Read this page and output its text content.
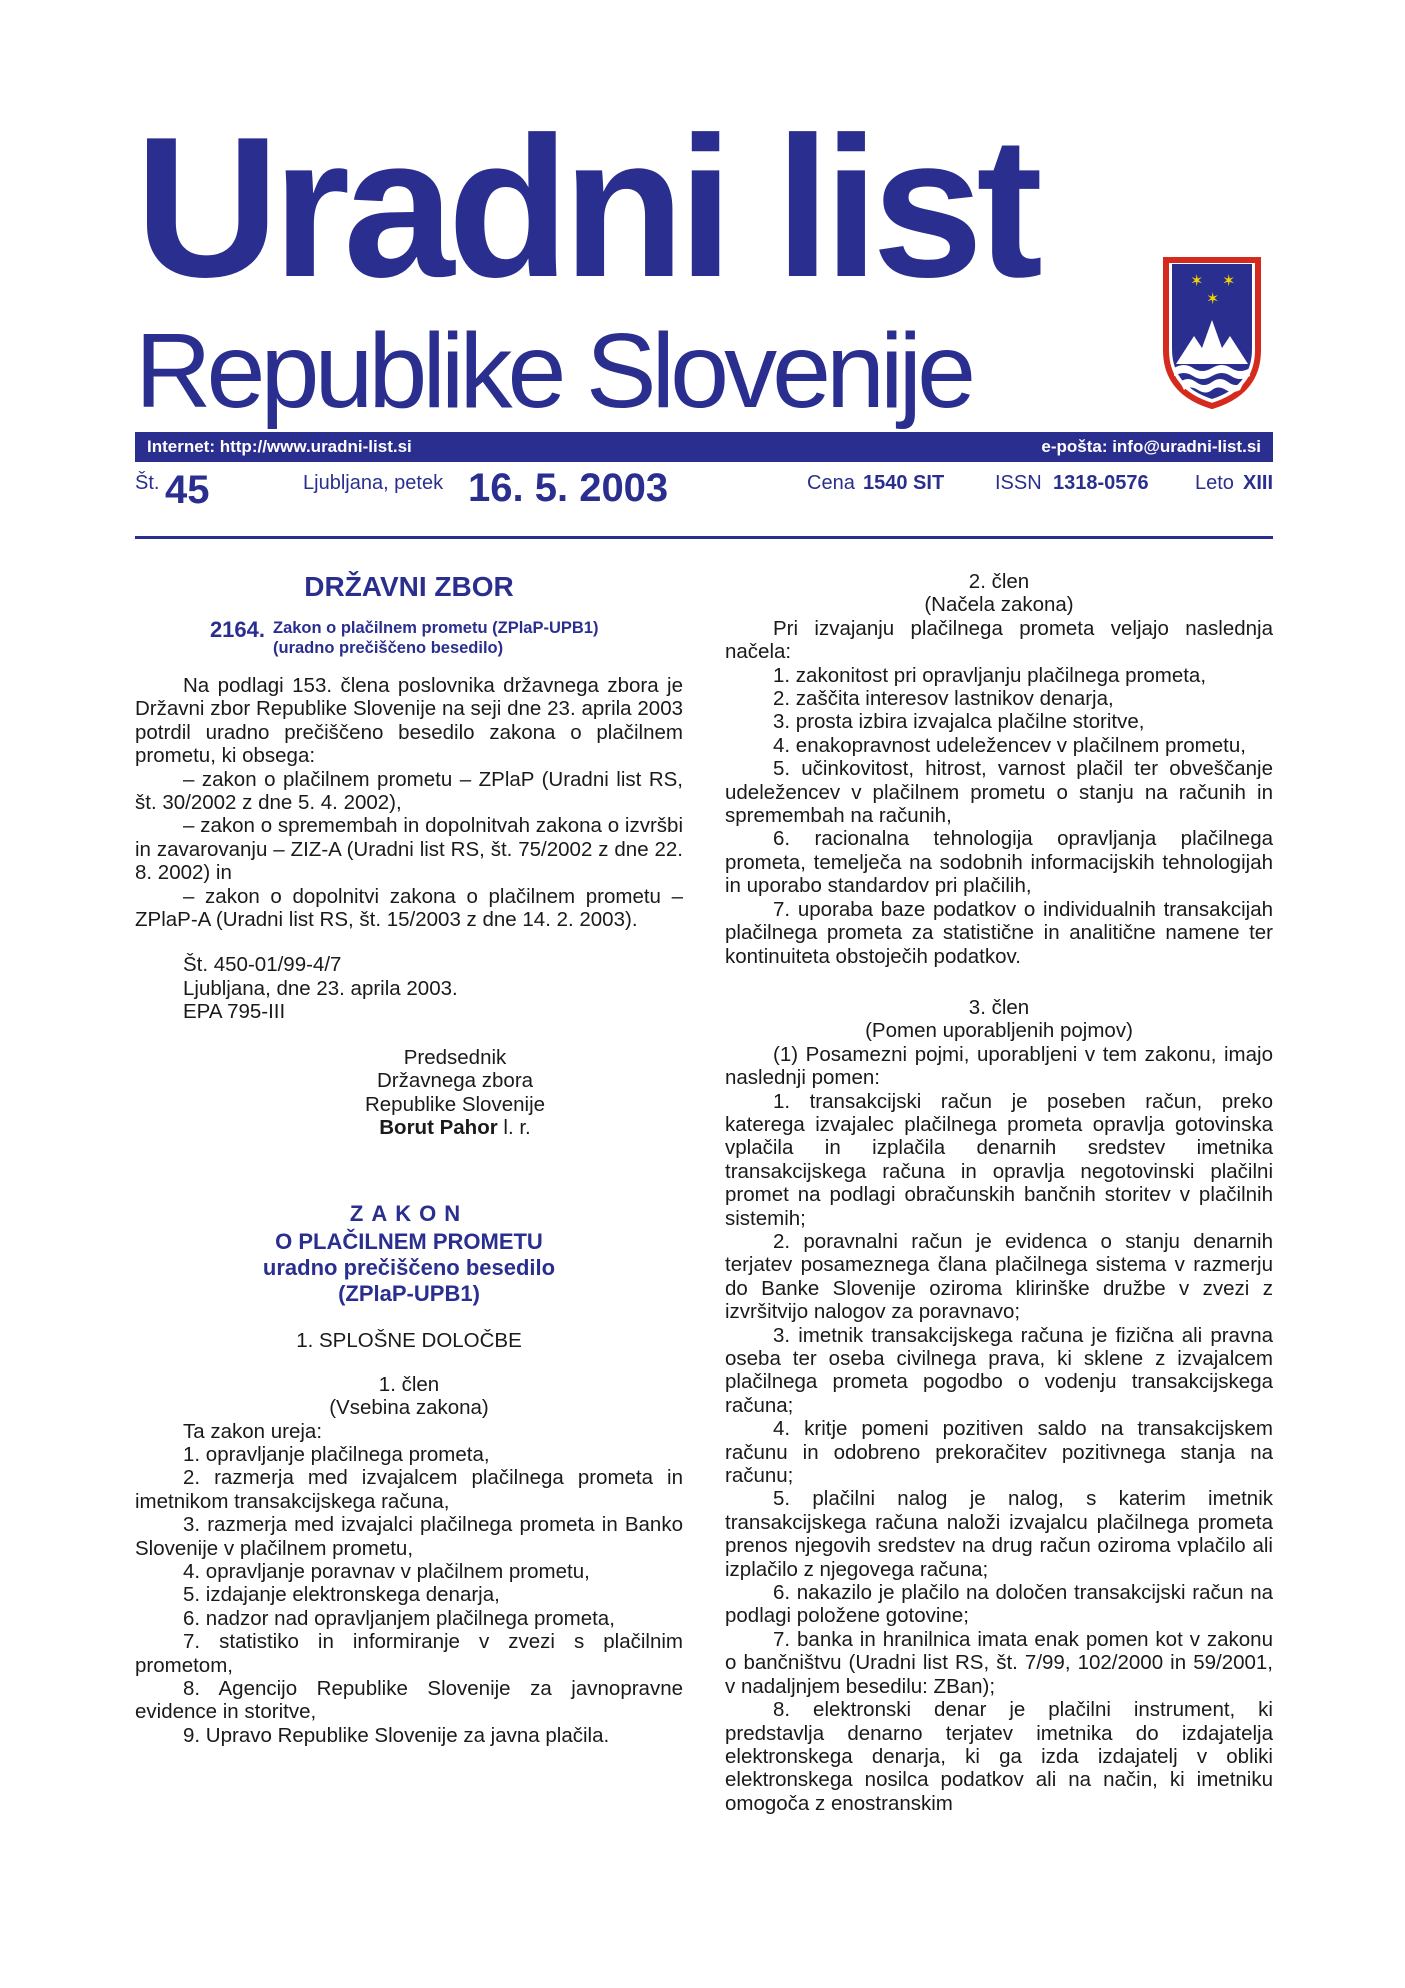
Uradni list
Republike Slovenije
✶ ✶
✶
Internet: http://www.uradni-list.si	e-pošta: info@uradni-list.si
Št. 45	Ljubljana, petek 16. 5. 2003	Cena 1540 SIT	ISSN 1318-0576 Leto XIII
DRŽAVNI ZBOR
2164. Zakon o plačilnem prometu (ZPlaP-UPB1)
(uradno prečiščeno besedilo)

Na podlagi 153. člena poslovnika državnega zbora je Državni zbor Republike Slovenije na seji dne 23. aprila 2003 potrdil uradno prečiščeno besedilo zakona o plačilnem prometu, ki obsega:

– zakon o plačilnem prometu – ZPlaP (Uradni list RS, št. 30/2002 z dne 5. 4. 2002),

– zakon o spremembah in dopolnitvah zakona o izvršbi in zavarovanju – ZIZ-A (Uradni list RS, št. 75/2002 z dne 22. 8. 2002) in

– zakon o dopolnitvi zakona o plačilnem prometu – ZPlaP-A (Uradni list RS, št. 15/2003 z dne 14. 2. 2003).

Št. 450-01/99-4/7

Ljubljana, dne 23. aprila 2003.

EPA 795-III

Predsednik

Državnega zbora

Republike Slovenije

Borut Pahor l. r.

ZAKON
O PLAČILNEM PROMETU
uradno prečiščeno besedilo
(ZPlaP-UPB1)

1. SPLOŠNE DOLOČBE

1. člen

(Vsebina zakona)

Ta zakon ureja:

1. opravljanje plačilnega prometa,

2. razmerja med izvajalcem plačilnega prometa in imetnikom transakcijskega računa,

3. razmerja med izvajalci plačilnega prometa in Banko Slovenije v plačilnem prometu,

4. opravljanje poravnav v plačilnem prometu,

5. izdajanje elektronskega denarja,

6. nadzor nad opravljanjem plačilnega prometa,

7. statistiko in informiranje v zvezi s plačilnim prometom,

8. Agencijo Republike Slovenije za javnopravne evidence in storitve,

9. Upravo Republike Slovenije za javna plačila.

2. člen

(Načela zakona)

Pri izvajanju plačilnega prometa veljajo naslednja načela:

1. zakonitost pri opravljanju plačilnega prometa,

2. zaščita interesov lastnikov denarja,

3. prosta izbira izvajalca plačilne storitve,

4. enakopravnost udeležencev v plačilnem prometu,

5. učinkovitost, hitrost, varnost plačil ter obveščanje udeležencev v plačilnem prometu o stanju na računih in spremembah na računih,

6. racionalna tehnologija opravljanja plačilnega prometa, temelječa na sodobnih informacijskih tehnologijah in uporabo standardov pri plačilih,

7. uporaba baze podatkov o individualnih transakcijah plačilnega prometa za statistične in analitične namene ter kontinuiteta obstoječih podatkov.

3. člen

(Pomen uporabljenih pojmov)

(1) Posamezni pojmi, uporabljeni v tem zakonu, imajo naslednji pomen:

1. transakcijski račun je poseben račun, preko katerega izvajalec plačilnega prometa opravlja gotovinska vplačila in izplačila denarnih sredstev imetnika transakcijskega računa in opravlja negotovinski plačilni promet na podlagi obračunskih bančnih storitev v plačilnih sistemih;

2. poravnalni račun je evidenca o stanju denarnih terjatev posameznega člana plačilnega sistema v razmerju do Banke Slovenije oziroma klirinške družbe v zvezi z izvršitvijo nalogov za poravnavo;

3. imetnik transakcijskega računa je fizična ali pravna oseba ter oseba civilnega prava, ki sklene z izvajalcem plačilnega prometa pogodbo o vodenju transakcijskega računa;

4. kritje pomeni pozitiven saldo na transakcijskem računu in odobreno prekoračitev pozitivnega stanja na računu;

5. plačilni nalog je nalog, s katerim imetnik transakcijskega računa naloži izvajalcu plačilnega prometa prenos njegovih sredstev na drug račun oziroma vplačilo ali izplačilo z njegovega računa;

6. nakazilo je plačilo na določen transakcijski račun na podlagi položene gotovine;

7. banka in hranilnica imata enak pomen kot v zakonu o bančništvu (Uradni list RS, št. 7/99, 102/2000 in 59/2001, v nadaljnjem besedilu: ZBan);

8. elektronski denar je plačilni instrument, ki predstavlja denarno terjatev imetnika do izdajatelja elektronskega denarja, ki ga izda izdajatelj v obliki elektronskega nosilca podatkov ali na način, ki imetniku omogoča z enostranskim
